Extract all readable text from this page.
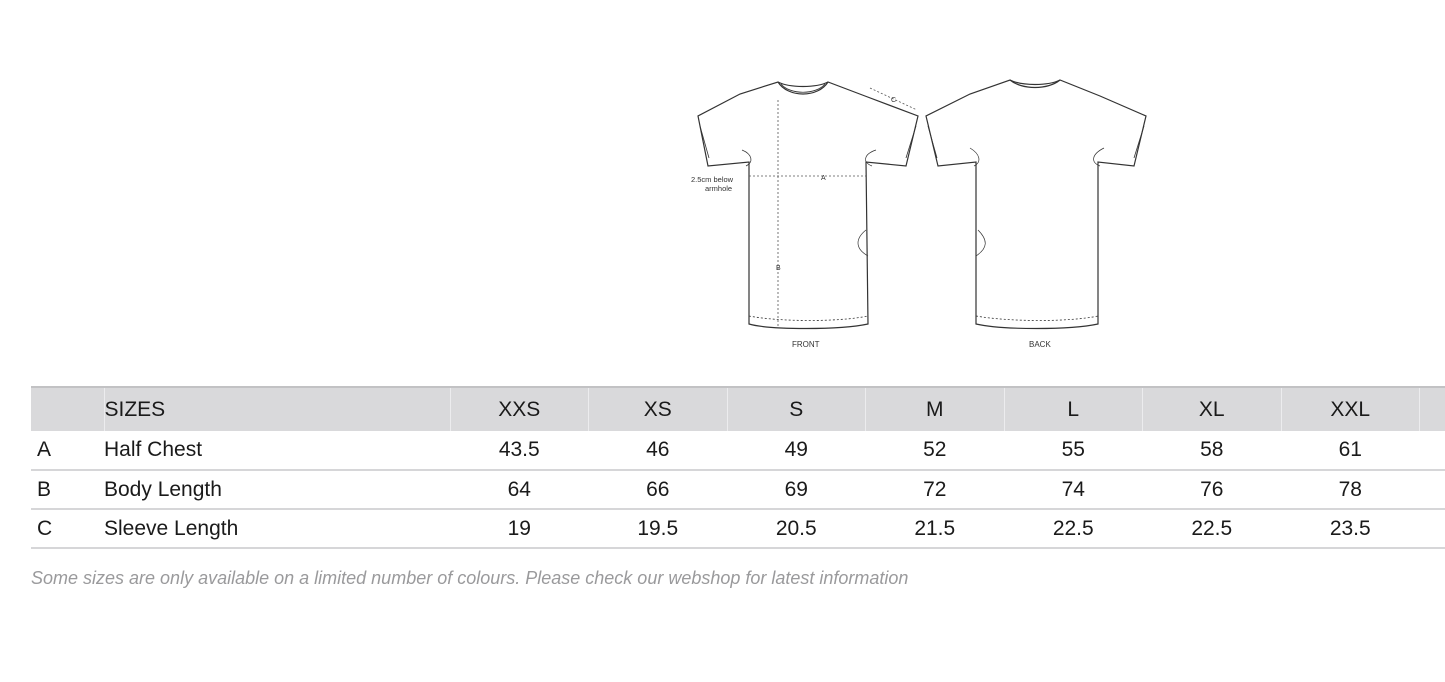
A
B
C
2.5cm below
armhole
FRONT	BACK
	SIZES	XXS	XS	S	M	L	XL	XXL	
A	Half Chest	43.5	46	49	52	55	58	61	
B	Body Length	64	66	69	72	74	76	78	
C	Sleeve Length	19	19.5	20.5	21.5	22.5	22.5	23.5	
Some sizes are only available on a limited number of colours. Please check our webshop for latest information
